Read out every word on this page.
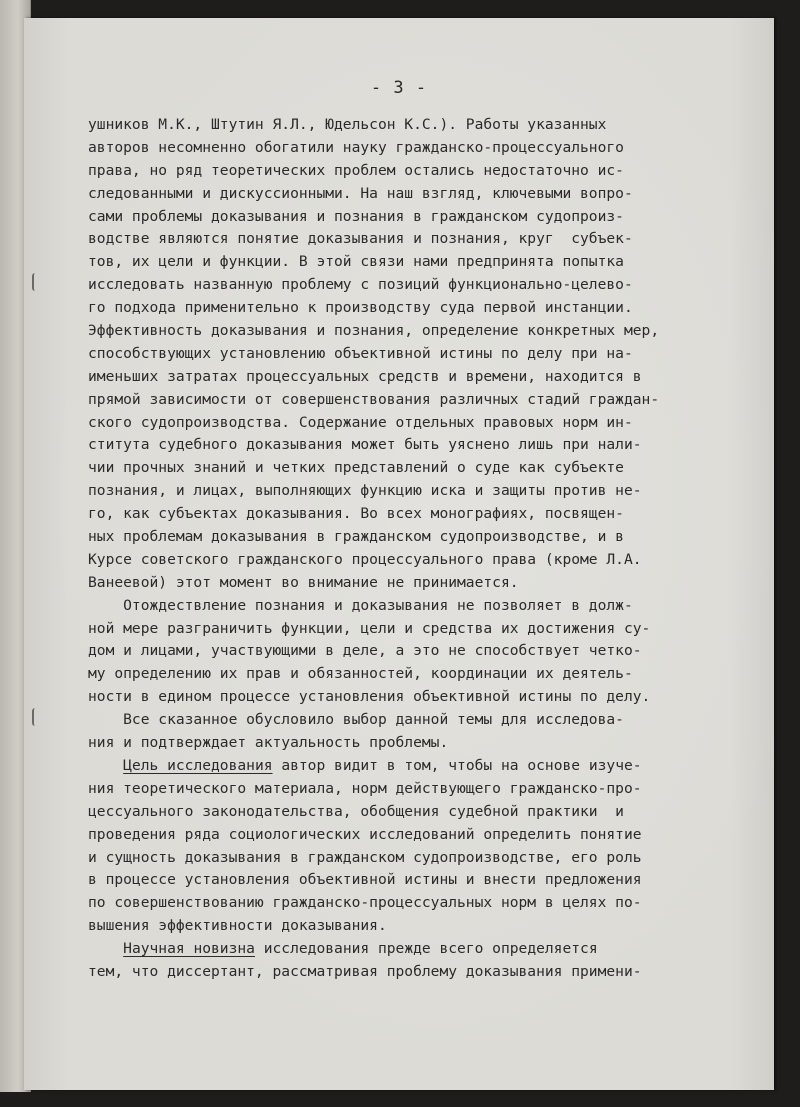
- 3 -
ушников М.К., Штутин Я.Л., Юдельсон К.С.). Работы указанных
авторов несомненно обогатили науку гражданско-процессуального
права, но ряд теоретических проблем остались недостаточно ис-
следованными и дискуссионными. На наш взгляд, ключевыми вопро-
сами проблемы доказывания и познания в гражданском судопроиз-
водстве являются понятие доказывания и познания, круг  субъек-
тов, их цели и функции. В этой связи нами предпринята попытка
исследовать названную проблему с позиций функционально-целево-
го подхода применительно к производству суда первой инстанции.
Эффективность доказывания и познания, определение конкретных мер,
способствующих установлению объективной истины по делу при на-
именьших затратах процессуальных средств и времени, находится в
прямой зависимости от совершенствования различных стадий граждан-
ского судопроизводства. Содержание отдельных правовых норм ин-
ститута судебного доказывания может быть уяснено лишь при нали-
чии прочных знаний и четких представлений о суде как субъекте
познания, и лицах, выполняющих функцию иска и защиты против не-
го, как субъектах доказывания. Во всех монографиях, посвящен-
ных проблемам доказывания в гражданском судопроизводстве, и в
Курсе советского гражданского процессуального права (кроме Л.А.
Ванеевой) этот момент во внимание не принимается.
Отождествление познания и доказывания не позволяет в долж-
ной мере разграничить функции, цели и средства их достижения су-
дом и лицами, участвующими в деле, а это не способствует четко-
му определению их прав и обязанностей, координации их деятель-
ности в едином процессе установления объективной истины по делу.
Все сказанное обусловило выбор данной темы для исследова-
ния и подтверждает актуальность проблемы.
Цель исследования автор видит в том, чтобы на основе изуче-
ния теоретического материала, норм действующего гражданско-про-
цессуального законодательства, обобщения судебной практики  и
проведения ряда социологических исследований определить понятие
и сущность доказывания в гражданском судопроизводстве, его роль
в процессе установления объективной истины и внести предложения
по совершенствованию гражданско-процессуальных норм в целях по-
вышения эффективности доказывания.
Научная новизна исследования прежде всего определяется
тем, что диссертант, рассматривая проблему доказывания примени-
